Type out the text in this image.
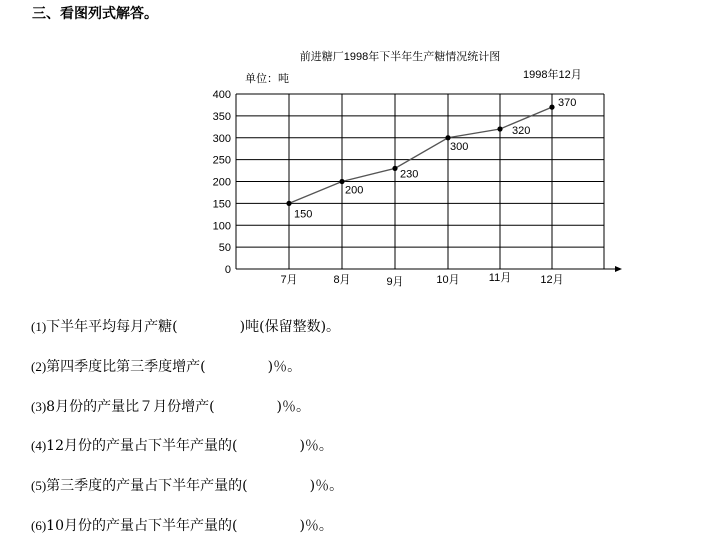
三、看图列式解答。
前进糖厂1998年下半年生产糖情况统计图
单位：吨	1998年12月
0
50
100
150
200
250
300
350
400
7月	8月	9月	10月	11月	12月
150
200
230
300
320
370
(1)下半年平均每月产糖(	)吨(保留整数)。
(2)第四季度比第三季度增产(	)％。
(3)8月份的产量比７月份增产(	)％。
(4)12月份的产量占下半年产量的(	)％。
(5)第三季度的产量占下半年产量的(	)％。
(6)10月份的产量占下半年产量的(	)％。
